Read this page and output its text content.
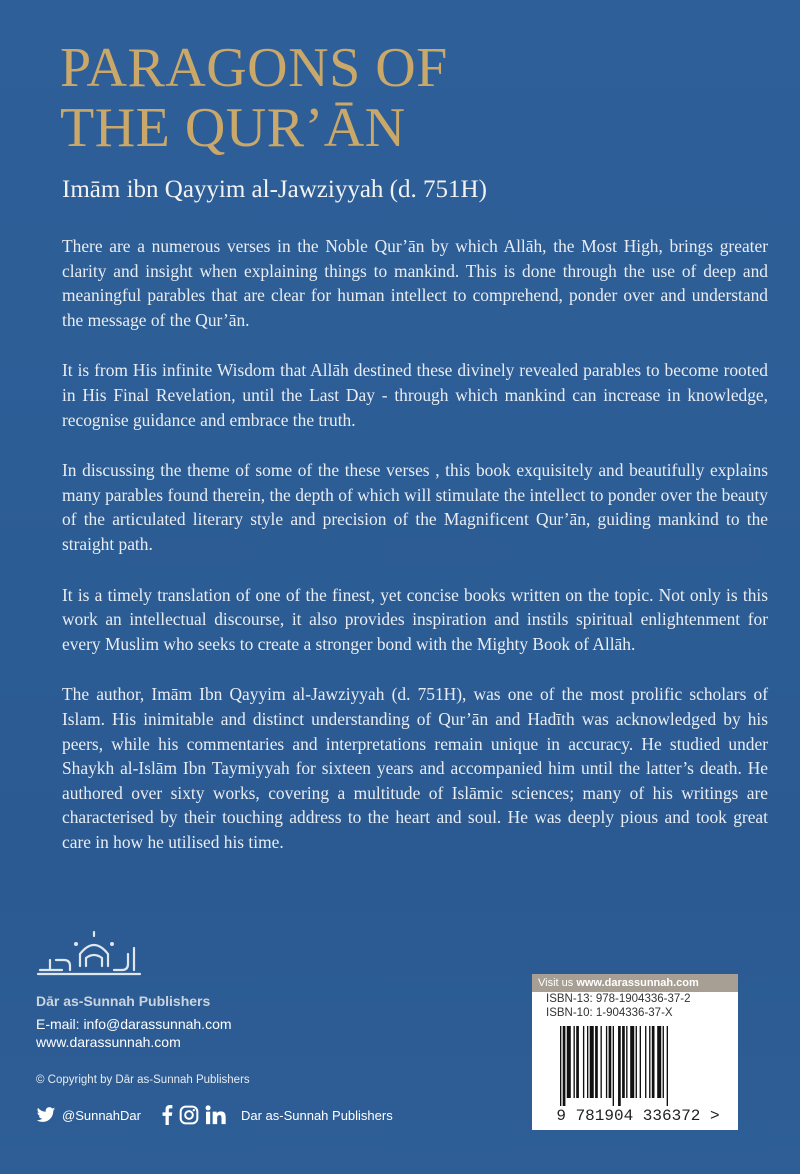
PARAGONS OF
THE QUR’ĀN

Imām ibn Qayyim al-Jawziyyah (d. 751H)

There are a numerous verses in the Noble Qur’ān by which Allāh, the Most High, brings greater clarity and insight when explaining things to mankind. This is done through the use of deep and meaningful parables that are clear for human intellect to comprehend, ponder over and understand the message of the Qur’ān.

It is from His infinite Wisdom that Allāh destined these divinely revealed parables to become rooted in His Final Revelation, until the Last Day - through which mankind can increase in knowledge, recognise guidance and embrace the truth.

In discussing the theme of some of the these verses , this book exquisitely and beautifully explains many parables found therein, the depth of which will stimulate the intellect to ponder over the beauty of the articulated literary style and precision of the Magnificent Qur’ān, guiding mankind to the straight path.

It is a timely translation of one of the finest, yet concise books written on the topic. Not only is this work an intellectual discourse, it also provides inspiration and instils spiritual enlightenment for every Muslim who seeks to create a stronger bond with the Mighty Book of Allāh.

The author, Imām Ibn Qayyim al-Jawziyyah (d. 751H), was one of the most prolific scholars of Islam. His inimitable and distinct understanding of Qur’ān and Hadīth was acknowledged by his peers, while his commentaries and interpretations remain unique in accuracy. He studied under Shaykh al-Islām Ibn Taymiyyah for sixteen years and accompanied him until the latter’s death. He authored over sixty works, covering a multitude of Islāmic sciences; many of his writings are characterised by their touching address to the heart and soul. He was deeply pious and took great care in how he utilised his time.

Dār as-Sunnah Publishers
E-mail: info@darassunnah.com
www.darassunnah.com
© Copyright by Dār as-Sunnah Publishers
@SunnahDar	Dar as-Sunnah Publishers
Visit us www.darassunnah.com
ISBN-13: 978-1904336-37-2
ISBN-10: 1-904336-37-X
9 781904 336372 >
